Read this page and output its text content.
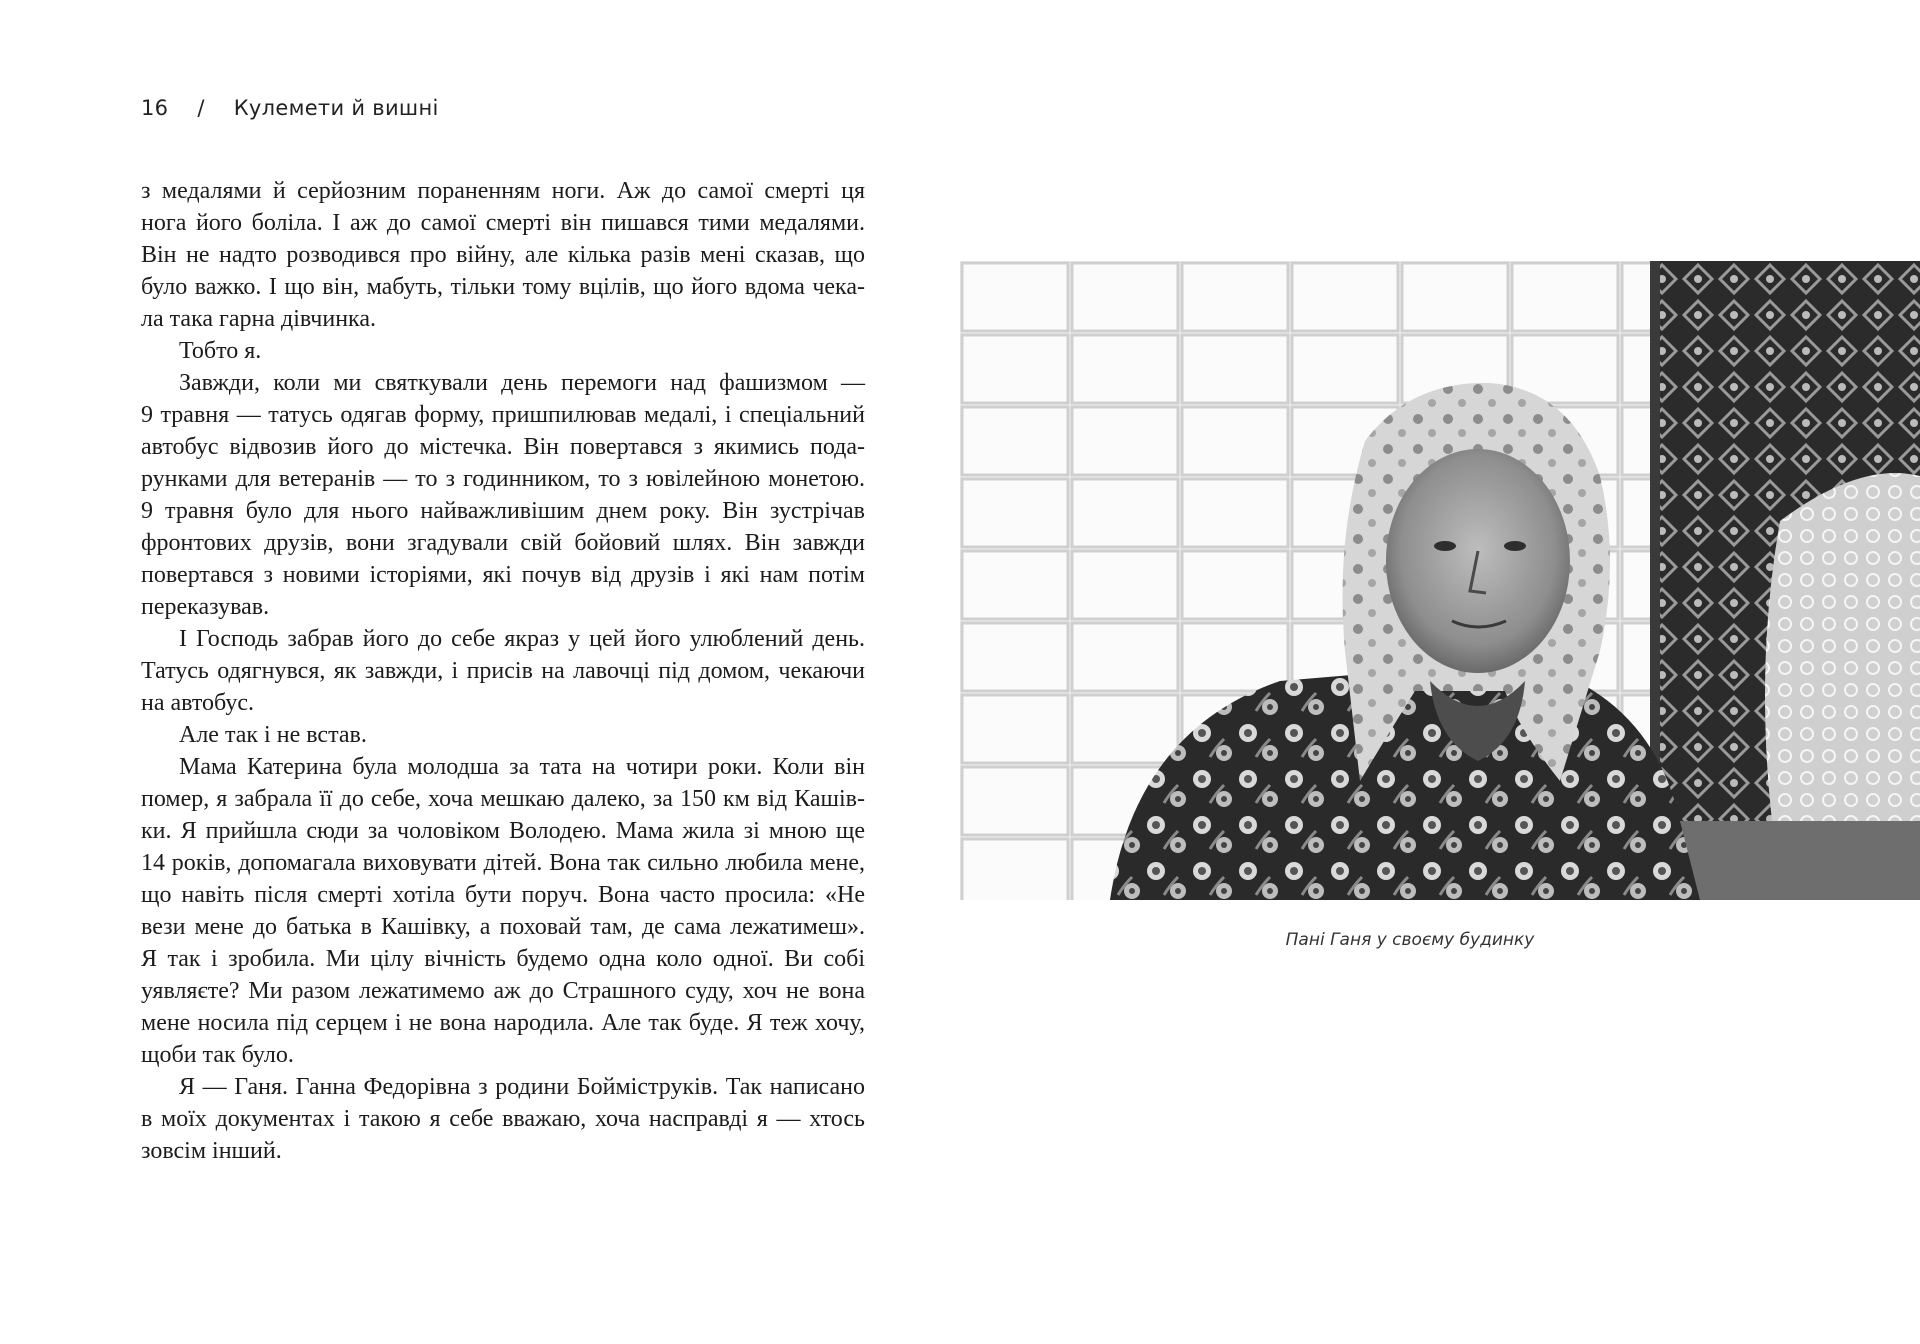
16 / Кулемети й вишні
з медалями й серйозним пораненням ноги. Аж до самої смерті ця
нога його боліла. І аж до самої смерті він пишався тими медалями.
Він не надто розводився про війну, але кілька разів мені сказав, що
було важко. І що він, мабуть, тільки тому вцілів, що його вдома чека-
ла така гарна дівчинка.
Тобто я.
Завжди, коли ми святкували день перемоги над фашизмом —
9 травня — татусь одягав форму, пришпилював медалі, і спеціальний
автобус відвозив його до містечка. Він повертався з якимись пода-
рунками для ветеранів — то з годинником, то з ювілейною монетою.
9 травня було для нього найважливішим днем року. Він зустрічав
фронтових друзів, вони згадували свій бойовий шлях. Він завжди
повертався з новими історіями, які почув від друзів і які нам потім
переказував.
І Господь забрав його до себе якраз у цей його улюблений день.
Татусь одягнувся, як завжди, і присів на лавочці під домом, чекаючи
на автобус.
Але так і не встав.
Мама Катерина була молодша за тата на чотири роки. Коли він
помер, я забрала її до себе, хоча мешкаю далеко, за 150 км від Кашів-
ки. Я прийшла сюди за чоловіком Володею. Мама жила зі мною ще
14 років, допомагала виховувати дітей. Вона так сильно любила мене,
що навіть після смерті хотіла бути поруч. Вона часто просила: «Не
вези мене до батька в Кашівку, а поховай там, де сама лежатимеш».
Я так і зробила. Ми цілу вічність будемо одна коло одної. Ви собі
уявляєте? Ми разом лежатимемо аж до Страшного суду, хоч не вона
мене носила під серцем і не вона народила. Але так буде. Я теж хочу,
щоби так було.
Я — Ганя. Ганна Федорівна з родини Боймiструків. Так написано
в моїх документах і такою я себе вважаю, хоча насправді я — хтось
зовсім інший.
Пані Ганя у своєму будинку
